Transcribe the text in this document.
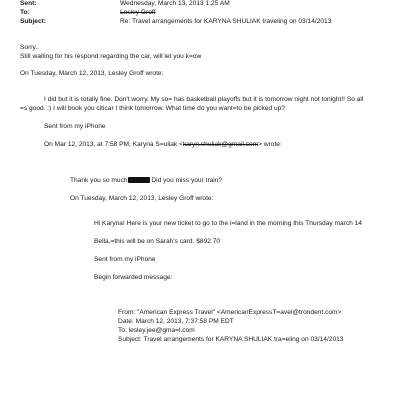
Sent:	Wednesday, March 13, 2013 1:25 AM
To:	Lesley Groff
Subject:	Re: Travel arrangements for KARYNA SHULIAK traveling on 03/14/2013
Sorry..
Still waiting for his respond regarding the car, will let you k=ow
On Tuesday, March 12, 2013, Lesley Groff wrote:
I did but it is totally fine. Don't worry. My so= has basketball playoffs but it is tomorrow night not tonight!! So all
=s good. :) I will book you citicar I think tomorrow. What time do you want=to be picked up?
Sent from my iPhone
On Mar 12, 2013, at 7:58 PM, Karyna S=uliak <karyn.shuliak@gmail.com> wrote:
Thank you so much	Did you miss your train?
On Tuesday, March 12, 2013, Lesley Groff wrote:
Hi Karyna! Here is your new ticket to go to the i=land in the morning this Thursday march 14
Bella,=this will be on Sarah's card. $892.70
Sent from my iPhone
Begin forwarded message:
From: "American Express Travel" <AmericanExpressT=avel@trondent.com>
Date: March 12, 2013, 7:37:58 PM EDT
To: lesley.jee@gma=l.com
Subject: Travel arrangements for KARYNA SHULIAK tra=eling on 03/14/2013
